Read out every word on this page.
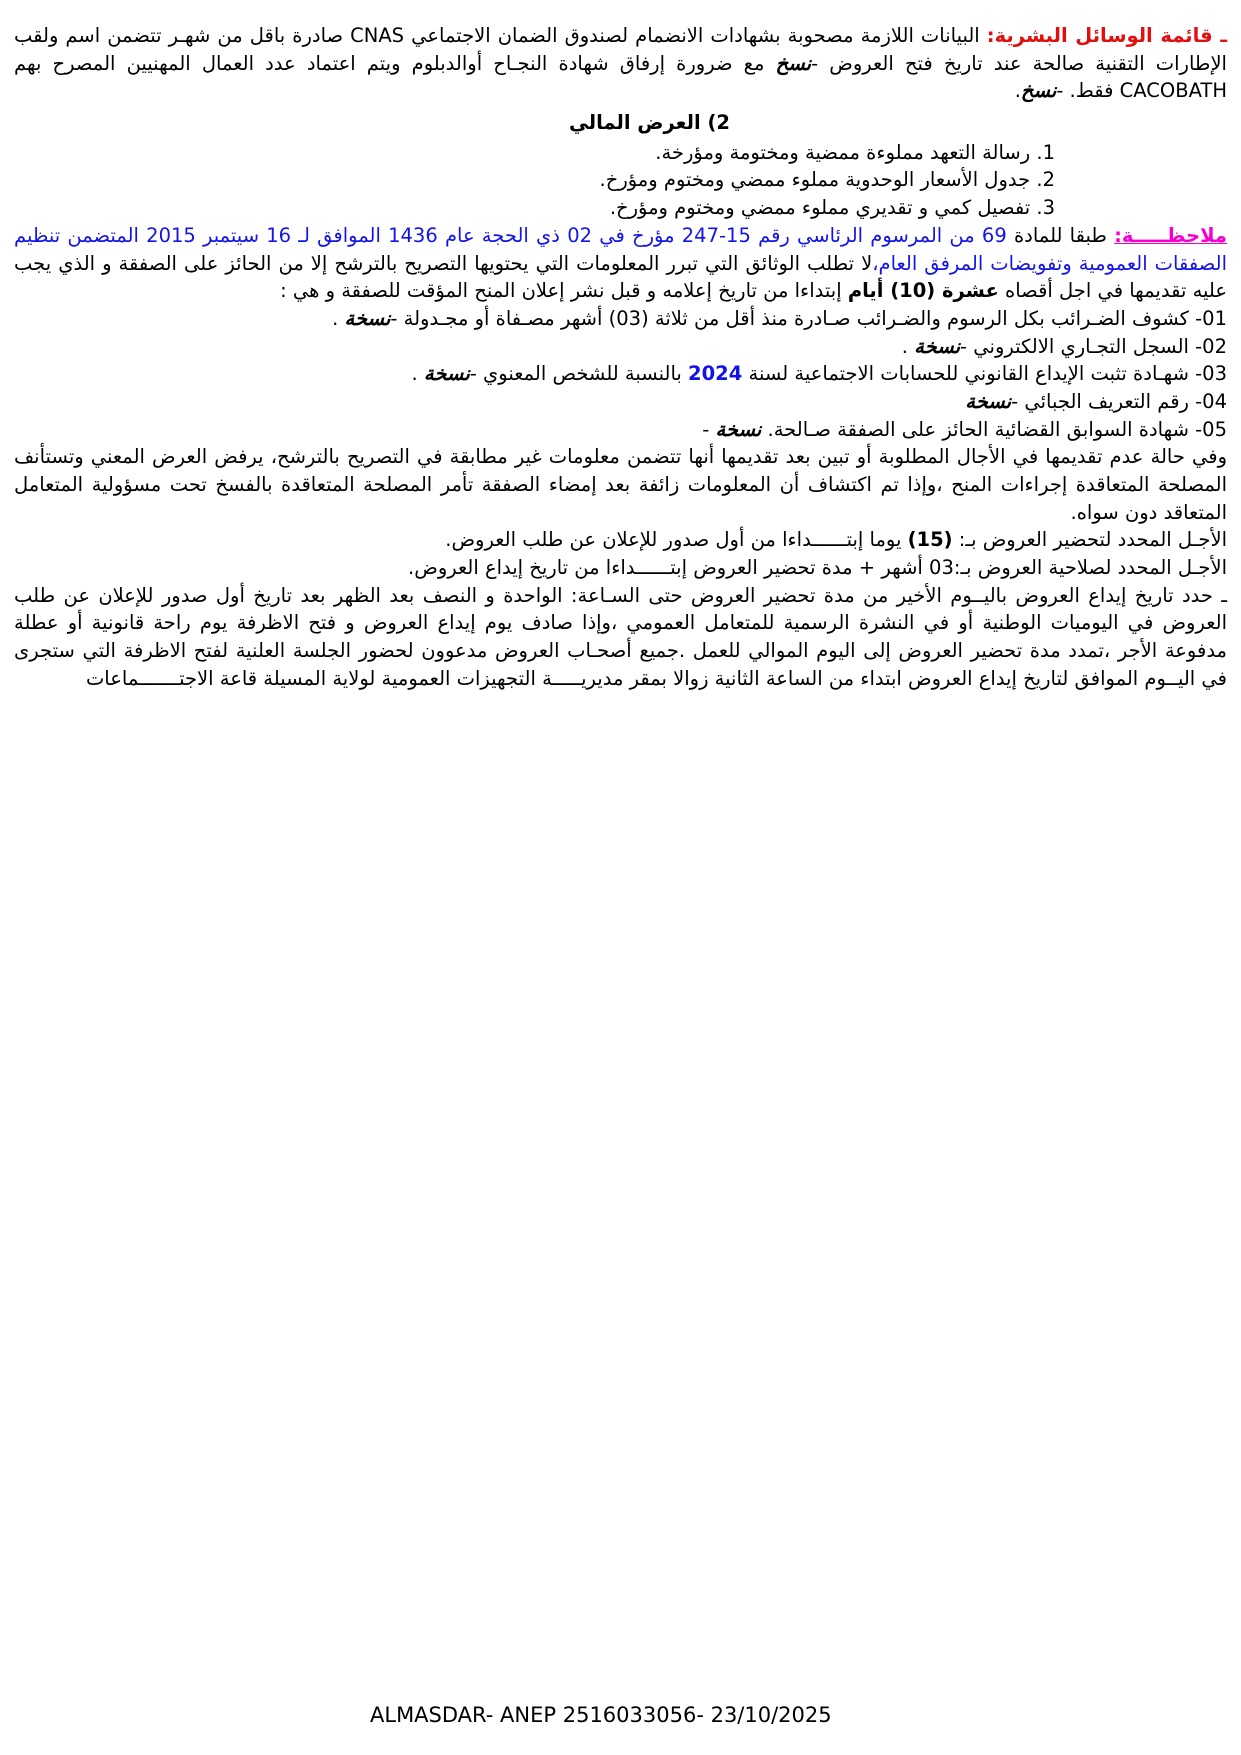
ـ قائمة الوسائل البشرية: البيانات اللازمة مصحوبة بشهادات الانضمام لصندوق الضمان الاجتماعي CNAS صادرة باقل من شهـر تتضمن اسم ولقب الإطارات التقنية صالحة عند تاريخ فتح العروض -نسخ مع ضرورة إرفاق شهادة النجـاح أوالدبلوم ويتم اعتماد عدد العمال المهنيين المصرح بهم CACOBATH فقط. -نسخ.

2) العرض المالي

1. رسالة التعهد مملوءة ممضية ومختومة ومؤرخة.

2. جدول الأسعار الوحدوية مملوء ممضي ومختوم ومؤرخ.

3. تفصيل كمي و تقديري مملوء ممضي ومختوم ومؤرخ.

ملاحظـــــة: طبقا للمادة 69 من المرسوم الرئاسي رقم 15-247 مؤرخ في 02 ذي الحجة عام 1436 الموافق لـ 16 سيتمبر 2015 المتضمن تنظيم الصفقات العمومية وتفويضات المرفق العام،لا تطلب الوثائق التي تبرر المعلومات التي يحتويها التصريح بالترشح إلا من الحائز على الصفقة و الذي يجب عليه تقديمها في اجل أقصاه عشرة (10) أيام إبتداءا من تاريخ إعلامه و قبل نشر إعلان المنح المؤقت للصفقة و هي :

01- كشوف الضـرائب بكل الرسوم والضـرائب صـادرة منذ أقل من ثلاثة (03) أشهر مصـفاة أو مجـدولة -نسخة .

02- السجل التجـاري الالكتروني -نسخة .

03- شهـادة تثبت الإيداع القانوني للحسابات الاجتماعية لسنة 2024 بالنسبة للشخص المعنوي -نسخة .

04- رقم التعريف الجبائي -نسخة

05- شهادة السوابق القضائية الحائز على الصفقة صـالحة. نسخة -

وفي حالة عدم تقديمها في الأجال المطلوبة أو تبين بعد تقديمها أنها تتضمن معلومات غير مطابقة في التصريح بالترشح، يرفض العرض المعني وتستأنف المصلحة المتعاقدة إجراءات المنح ،وإذا تم اكتشاف أن المعلومات زائفة بعد إمضاء الصفقة تأمر المصلحة المتعاقدة بالفسخ تحت مسؤولية المتعامل المتعاقد دون سواه.

الأجـل المحدد لتحضير العروض بـ: (15) يوما إبتــــــداءا من أول صدور للإعلان عن طلب العروض.

الأجـل المحدد لصلاحية العروض بـ:03 أشهر + مدة تحضير العروض إبتــــــداءا من تاريخ إيداع العروض.

ـ حدد تاريخ إيداع العروض باليــوم الأخير من مدة تحضير العروض حتى السـاعة: الواحدة و النصف بعد الظهر بعد تاريخ أول صدور للإعلان عن طلب العروض في اليوميات الوطنية أو في النشرة الرسمية للمتعامل العمومي ،وإذا صادف يوم إيداع العروض و فتح الاظرفة يوم راحة قانونية أو عطلة مدفوعة الأجر ،تمدد مدة تحضير العروض إلى اليوم الموالي للعمل .جميع أصحـاب العروض مدعوون لحضور الجلسة العلنية لفتح الاظرفة التي ستجرى في اليــوم الموافق لتاريخ إيداع العروض ابتداء من الساعة الثانية زوالا بمقر مديريـــــة التجهيزات العمومية لولاية المسيلة قاعة الاجتـــــــماعات

ALMASDAR- ANEP 2516033056- 23/10/2025
